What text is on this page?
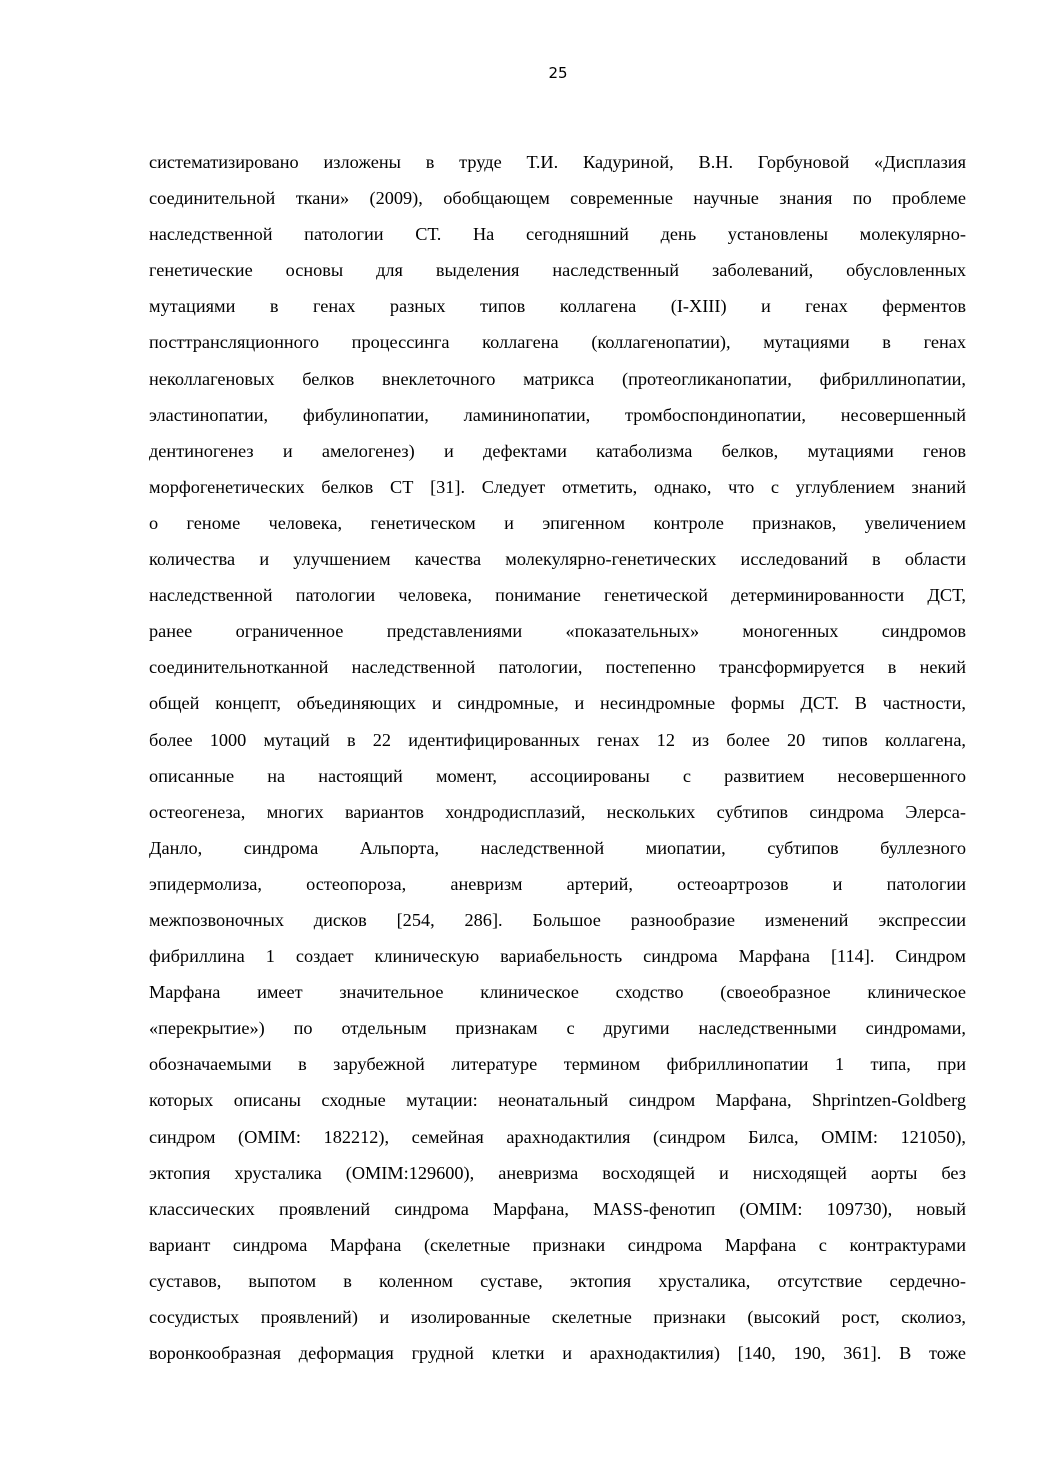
25
систематизировано изложены в труде Т.И. Кадуриной, В.Н. Горбуновой «Дисплазия
соединительной ткани» (2009), обобщающем современные научные знания по проблеме
наследственной патологии СТ. На сегодняшний день установлены молекулярно-
генетические основы для выделения наследственный заболеваний, обусловленных
мутациями в генах разных типов коллагена (I-XIII) и генах ферментов
посттрансляционного процессинга коллагена (коллагенопатии), мутациями в генах
неколлагеновых белков внеклеточного матрикса (протеогликанопатии, фибриллинопатии,
эластинопатии, фибулинопатии, ламининопатии, тромбоспондинопатии, несовершенный
дентиногенез и амелогенез) и дефектами катаболизма белков, мутациями генов
морфогенетических белков СТ [31]. Следует отметить, однако, что с углублением знаний
о геноме человека, генетическом и эпигенном контроле признаков, увеличением
количества и улучшением качества молекулярно-генетических исследований в области
наследственной патологии человека, понимание генетической детерминированности ДСТ,
ранее ограниченное представлениями «показательных» моногенных синдромов
соединительнотканной наследственной патологии, постепенно трансформируется в некий
общей концепт, объединяющих и синдромные, и несиндромные формы ДСТ. В частности,
более 1000 мутаций в 22 идентифицированных генах 12 из более 20 типов коллагена,
описанные на настоящий момент, ассоциированы с развитием несовершенного
остеогенеза, многих вариантов хондродисплазий, нескольких субтипов синдрома Элерса-
Данло, синдрома Альпорта, наследственной миопатии, субтипов буллезного
эпидермолиза, остеопороза, аневризм артерий, остеоартрозов и патологии
межпозвоночных дисков [254, 286]. Большое разнообразие изменений экспрессии
фибриллина 1 создает клиническую вариабельность синдрома Марфана [114]. Синдром
Марфана имеет значительное клиническое сходство (своеобразное клиническое
«перекрытие») по отдельным признакам с другими наследственными синдромами,
обозначаемыми в зарубежной литературе термином фибриллинопатии 1 типа, при
которых описаны сходные мутации: неонатальный синдром Марфана, Shprintzen-Goldberg
синдром (OMIM: 182212), семейная арахнодактилия (синдром Билса, OMIM: 121050),
эктопия хрусталика (OMIM:129600), аневризма восходящей и нисходящей аорты без
классических проявлений синдрома Марфана, MASS-фенотип (OMIM: 109730), новый
вариант синдрома Марфана (скелетные признаки синдрома Марфана с контрактурами
суставов, выпотом в коленном суставе, эктопия хрусталика, отсутствие сердечно-
сосудистых проявлений) и изолированные скелетные признаки (высокий рост, сколиоз,
воронкообразная деформация грудной клетки и арахнодактилия) [140, 190, 361]. В тоже
